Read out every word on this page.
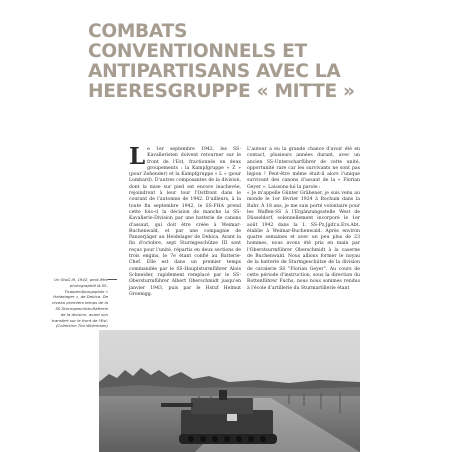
COMBATS
CONVENTIONNELS ET
ANTIPARTISANS AVEC LA
HEERESGRUPPE « MITTE »
L e 1er septembre 1942, les SS-Kavalleristen doivent retourner sur le front de l'Est, fractionnés en deux groupements : la Kampfgruppe « Z » (pour Zehender) et la Kampfgruppe « L » (pour Lombard). D'autres composantes de la division, dont la mise sur pied est encore inachevée, rejoindront à leur tour l'Ostfront dans le courant de l'automne de 1942. D'ailleurs, à la toute fin septembre 1942, le SS-FHA prend cette fois-ci la décision de manche la SS-Kavallerie-Division par une batterie de canons d'assaut, qui doit être créée à Weimar-Buchenwald, et par une compagnie de Panzerjäger au Heidelager de Debica. Avant la fin d'octobre, sept Sturmgeschütze III sont reçus pour l'unité, répartis en deux sections de trois engins, le 7e étant confié au Batterie-Chef. Elle est dans un premier temps commandée par le SS-Hauptsturmführer Alois Schneider, rapidement remplacé par le SS-Obersturmführer Albert Oberschmidt jusqu'en janvier 1943, puis par le Hstuf Helmut Groenigg.

L'auteur a eu la grande chance d'avoir été en contact, plusieurs années durant, avec un ancien SS-Unterscharführer de cette unité, opportunité rare car les survivants ne sont pas légion ! Peut-être même était-il alors l'unique survivant des canons d'assaut de la « Florian Geyer ». Laissons-lui la parole :

« Je m'appelle Günter Gräbener, je suis venu au monde le 1er février 1924 à Bochum dans la Ruhr. À 18 ans, je me suis porté volontaire pour les Waffen-SS à l'Ergänzungsstelle West de Düsseldorf, solennellement incorporé le 1er août 1942 dans la 1. SS-Pz.Jgdr.u.Ers.Abt. établie à Weimar-Buchenwald. Après environ quatre semaines et avec un peu plus de 23 hommes, nous avons été pris en main par l'Oberstsurmführer Oberschmidt à la caserne de Buchenwald. Nous allions former le noyau de la batterie de Sturmgeschütze de la division de cavalerie SS "Florian Geyer". Au cours de cette période d'instruction, sous la direction du Rottenführer Fuchs, nous nous sommes rendus à l'école d'artillerie du Sturmartillerie étant

Un StuG III, 1942, peut-être photographié là SS-Truppenübungsplatz « Heidelager », de Debica. De niveau premiers temps de la SS-Sturmgeschütz-Batterie de la division, avant son transfert sur le front de l'Est. (Collection Tim Willemsen)
